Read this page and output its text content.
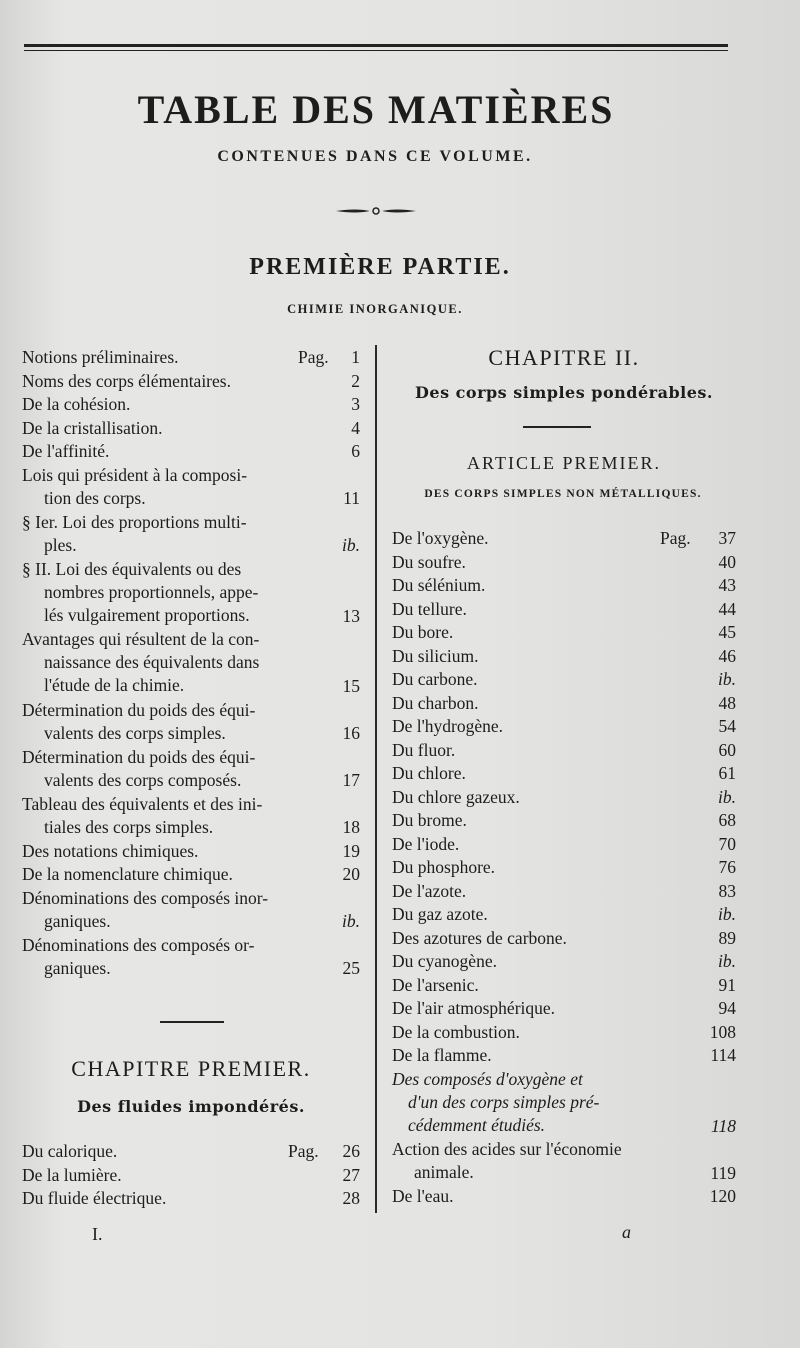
TABLE DES MATIÈRES
CONTENUES DANS CE VOLUME.
PREMIÈRE PARTIE.
CHIMIE INORGANIQUE.
Notions préliminaires.	Pag. 1
Noms des corps élémentaires.	2
De la cohésion.	3
De la cristallisation.	4
De l'affinité.	6
Lois qui président à la composi-
tion des corps.	11
§ Ier. Loi des proportions multi-
ples.	ib.
§ II. Loi des équivalents ou des
nombres proportionnels, appe-
lés vulgairement proportions.	13
Avantages qui résultent de la con-
naissance des équivalents dans
l'étude de la chimie.	15
Détermination du poids des équi-
valents des corps simples.	16
Détermination du poids des équi-
valents des corps composés.	17
Tableau des équivalents et des ini-
tiales des corps simples.	18
Des notations chimiques.	19
De la nomenclature chimique.	20
Dénominations des composés inor-
ganiques.	ib.
Dénominations des composés or-
ganiques.	25
CHAPITRE PREMIER.
Des fluides impondérés.
Du calorique.	Pag. 26
De la lumière.	27
Du fluide électrique.	28
CHAPITRE II.
Des corps simples pondérables.
ARTICLE PREMIER.
DES CORPS SIMPLES NON MÉTALLIQUES.
De l'oxygène.	Pag. 37
Du soufre.	40
Du sélénium.	43
Du tellure.	44
Du bore.	45
Du silicium.	46
Du carbone.	ib.
Du charbon.	48
De l'hydrogène.	54
Du fluor.	60
Du chlore.	61
Du chlore gazeux.	ib.
Du brome.	68
De l'iode.	70
Du phosphore.	76
De l'azote.	83
Du gaz azote.	ib.
Des azotures de carbone.	89
Du cyanogène.	ib.
De l'arsenic.	91
De l'air atmosphérique.	94
De la combustion.	108
De la flamme.	114
Des composés d'oxygène et
d'un des corps simples pré-
cédemment étudiés.	118
Action des acides sur l'économie
animale.	119
De l'eau.	120
I.	a
